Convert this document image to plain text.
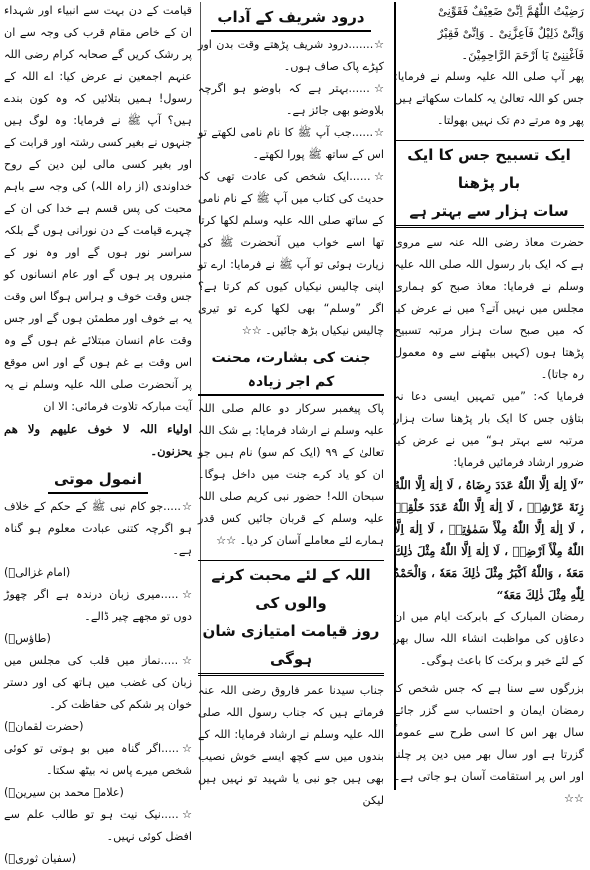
رَضِيْتُ اللّٰهُمَّ اِنِّیْ ضَعِیْفٌ فَقَوِّنِیْ

وَاِنِّیْ ذَلِیْلٌ فَاَعِزَّنِیْ ۔ وَاِنِّیْ فَقِیْرٌ

فَاَغْنِنِیْ یَا اَرْحَمَ الرَّاحِمِیْنَ۔

پھر آپ صلی اللہ علیہ وسلم نے فرمایا: جس کو اللہ تعالیٰ یہ کلمات سکھاتے ہیں پھر وہ مرتے دم تک نہیں بھولتا۔

ایک تسبیح جس کا ایک بار پڑھنا
سات ہزار سے بہتر ہے

حضرت معاذ رضی اللہ عنہ سے مروی ہے کہ ایک بار رسول اللہ صلی اللہ علیہ وسلم نے فرمایا: معاذ صبح کو ہماری مجلس میں نہیں آتے؟ میں نے عرض کیا کہ میں صبح سات ہزار مرتبہ تسبیح پڑھتا ہوں (کہیں بیٹھنے سے وہ معمول رہ جاتا)۔

فرمایا کہ: ”میں تمہیں ایسی دعا نہ بتاؤں جس کا ایک بار پڑھنا سات ہزار مرتبہ سے بہتر ہو“ میں نے عرض کیا ضرور ارشاد فرمائیں فرمایا:

”لَا اِلٰهَ اِلَّا اللّٰهُ عَدَدَ رِضَاهُ ، لَا اِلٰهَ اِلَّا اللّٰهُ زِنَةَ عَرْشِهٖ ، لَا اِلٰهَ اِلَّا اللّٰهُ عَدَدَ خَلْقِهٖ ، لَا اِلٰهَ اِلَّا اللّٰهُ مِلْأَ سَمٰوٰتِهٖ ، لَا اِلٰهَ اِلَّا اللّٰهُ مِلْأَ اَرْضِهٖ ، لَا اِلٰهَ اِلَّا اللّٰهُ مِثْلَ ذٰلِكَ مَعَهٗ ، وَاللّٰهُ اَكْبَرُ مِثْلَ ذٰلِكَ مَعَهٗ ، وَالْحَمْدُ لِلّٰهِ مِثْلَ ذٰلِكَ مَعَهٗ“

رمضان المبارک کے بابرکت ایام میں ان دعاؤں کی مواظبت انشاء اللہ سال بھر کے لئے خیر و برکت کا باعث ہوگی۔

بزرگوں سے سنا ہے کہ جس شخص کا رمضان ایمان و احتساب سے گزر جائے سال بھر اس کا اسی طرح سے عموماً گزرتا ہے اور سال بھر میں دین پر چلنا اور اس پر استقامت آسان ہو جاتی ہے۔ ☆☆

درود شریف کے آداب

☆.......درود شریف پڑھتے وقت بدن اور کپڑے پاک صاف ہوں۔

☆......بہتر ہے کہ باوضو ہو اگرچہ بلاوضو بھی جائز ہے۔

☆......جب آپ ﷺ کا نام نامی لکھتے تو اس کے ساتھ ﷺ پورا لکھتے۔

☆......ایک شخص کی عادت تھی کہ حدیث کی کتاب میں آپ ﷺ کے نام نامی کے ساتھ صلی اللہ علیہ وسلم لکھا کرتا تھا اسے خواب میں آنحضرت ﷺ کی زیارت ہوئی تو آپ ﷺ نے فرمایا: ارے تو اپنی چالیس نیکیاں کیوں کم کرتا ہے؟ اگر ”وسلم“ بھی لکھا کرے تو تیری چالیس نیکیاں بڑھ جائیں۔ ☆☆

جنت کی بشارت، محنت کم اجر زیادہ

پاک پیغمبر سرکار دو عالم صلی اللہ علیہ وسلم نے ارشاد فرمایا: بے شک اللہ تعالیٰ کے ۹۹ (ایک کم سو) نام ہیں جو ان کو یاد کرے جنت میں داخل ہوگا۔ سبحان اللہ! حضور نبی کریم صلی اللہ علیہ وسلم کے قربان جائیں کس قدر ہمارے لئے معاملے آسان کر دیا۔ ☆☆

اللہ کے لئے محبت کرنے والوں کی
روز قیامت امتیازی شان ہوگی

جناب سیدنا عمر فاروق رضی اللہ عنہ فرماتے ہیں کہ جناب رسول اللہ صلی اللہ علیہ وسلم نے ارشاد فرمایا: اللہ کے بندوں میں سے کچھ ایسے خوش نصیب بھی ہیں جو نبی یا شہید تو نہیں ہیں لیکن

قیامت کے دن بہت سے انبیاء اور شہداء ان کے خاص مقام قرب کی وجہ سے ان پر رشک کریں گے صحابہ کرام رضی اللہ عنہم اجمعین نے عرض کیا: اے اللہ کے رسول! ہمیں بتلائیں کہ وہ کون بندے ہیں؟ آپ ﷺ نے فرمایا: وہ لوگ ہیں جنہوں نے بغیر کسی رشتہ اور قرابت کے اور بغیر کسی مالی لین دین کے روح خداوندی (از راہ اللہ) کی وجہ سے باہم محبت کی پس قسم ہے خدا کی ان کے چہرے قیامت کے دن نورانی ہوں گے بلکہ سراسر نور ہوں گے اور وہ نور کے منبروں پر ہوں گے اور عام انسانوں کو جس وقت خوف و ہراس ہوگا اس وقت یہ بے خوف اور مطمئن ہوں گے اور جس وقت عام انسان مبتلائے غم ہوں گے وہ اس وقت بے غم ہوں گے اور اس موقع پر آنحضرت صلی اللہ علیہ وسلم نے یہ آیت مبارکہ تلاوت فرمائی: الا ان

اولیاء اللہ لا خوف علیھم ولا ھم یحزنون۔

انمول موتی

☆.....جو کام نبی ﷺ کے حکم کے خلاف ہو اگرچہ کتنی عبادت معلوم ہو گناہ ہے۔

(امام غزالیؒ)

☆.....میری زبان درندہ ہے اگر چھوڑ دوں تو مجھے چیر ڈالے۔

(طاؤسؒ)

☆.....نماز میں قلب کی مجلس میں زبان کی غضب میں ہاتھ کی اور دستر خوان پر شکم کی حفاظت کر۔

(حضرت لقمانؑ)

☆.....اگر گناہ میں بو ہوتی تو کوئی شخص میرے پاس نہ بیٹھ سکتا۔

(علامہ محمد بن سیرینؒ)

☆.....نیک نیت ہو تو طالب علم سے افضل کوئی نہیں۔

(سفیان ثوریؒ)
